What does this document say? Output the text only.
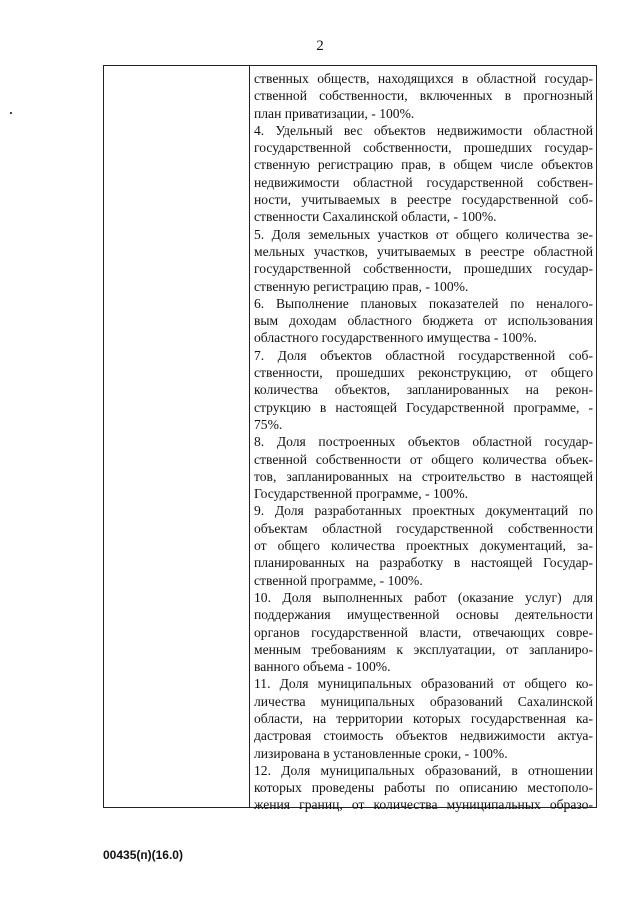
2
ственных обществ, находящихся в областной государ-
ственной собственности, включенных в прогнозный
план приватизации, - 100%.
4. Удельный вес объектов недвижимости областной
государственной собственности, прошедших государ-
ственную регистрацию прав, в общем числе объектов
недвижимости областной государственной собствен-
ности, учитываемых в реестре государственной соб-
ственности Сахалинской области, - 100%.
5. Доля земельных участков от общего количества зе-
мельных участков, учитываемых в реестре областной
государственной собственности, прошедших государ-
ственную регистрацию прав, - 100%.
6. Выполнение плановых показателей по неналого-
вым доходам областного бюджета от использования
областного государственного имущества - 100%.
7. Доля объектов областной государственной соб-
ственности, прошедших реконструкцию, от общего
количества объектов, запланированных на рекон-
струкцию в настоящей Государственной программе, -
75%.
8. Доля построенных объектов областной государ-
ственной собственности от общего количества объек-
тов, запланированных на строительство в настоящей
Государственной программе, - 100%.
9. Доля разработанных проектных документаций по
объектам областной государственной собственности
от общего количества проектных документаций, за-
планированных на разработку в настоящей Государ-
ственной программе, - 100%.
10. Доля выполненных работ (оказание услуг) для
поддержания имущественной основы деятельности
органов государственной власти, отвечающих совре-
менным требованиям к эксплуатации, от запланиро-
ванного объема - 100%.
11. Доля муниципальных образований от общего ко-
личества муниципальных образований Сахалинской
области, на территории которых государственная ка-
дастровая стоимость объектов недвижимости актуа-
лизирована в установленные сроки, - 100%.
12. Доля муниципальных образований, в отношении
которых проведены работы по описанию местополо-
жения границ, от количества муниципальных образо-
00435(п)(16.0)
